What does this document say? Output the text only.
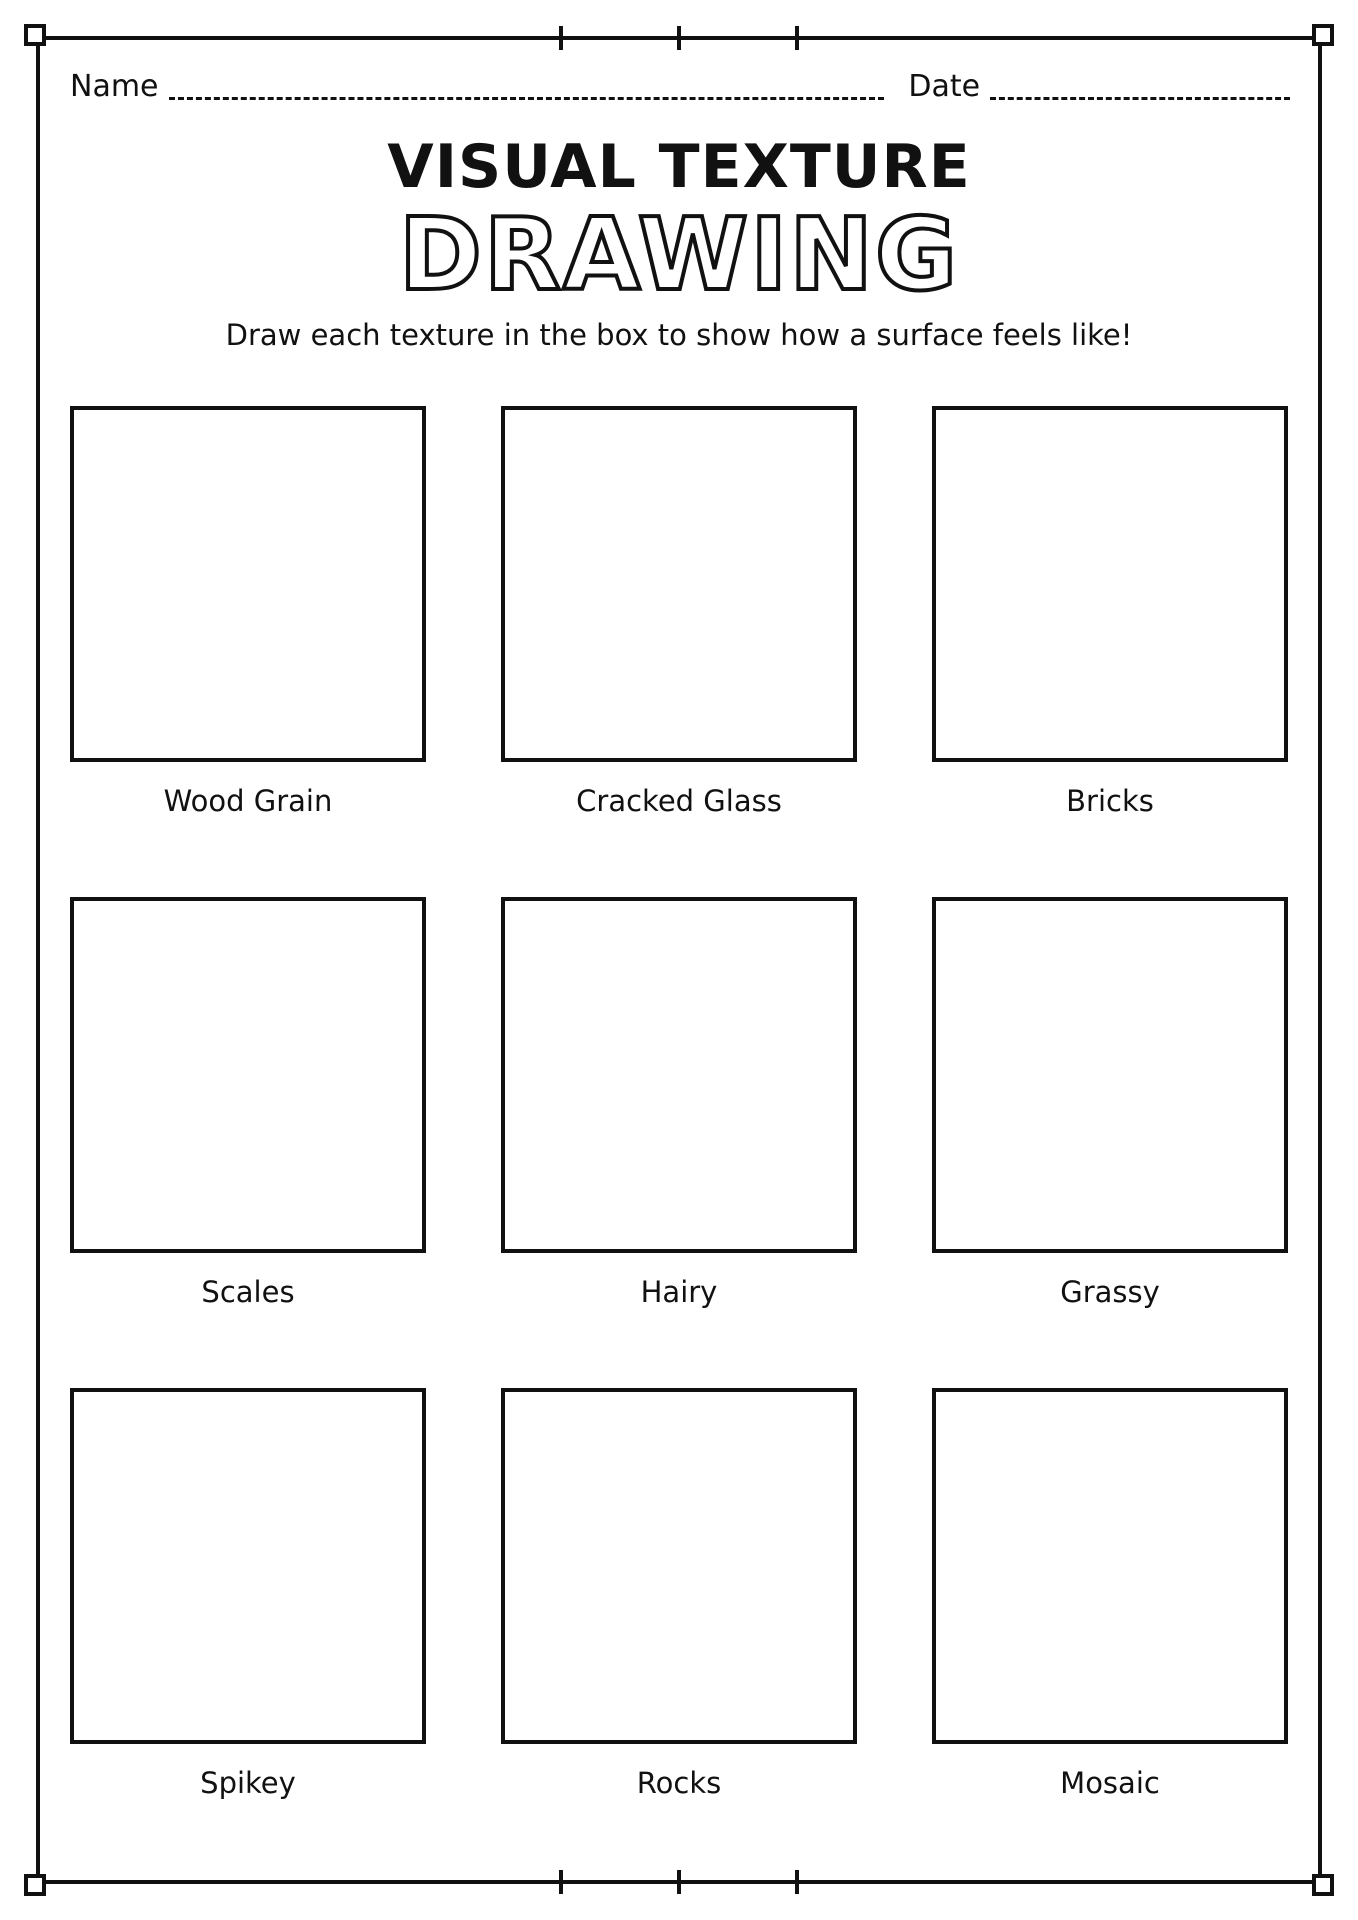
Name	Date
VISUAL TEXTURE
DRAWING
Draw each texture in the box to show how a surface feels like!
Wood Grain	Cracked Glass	Bricks
Scales	Hairy	Grassy
Spikey	Rocks	Mosaic
